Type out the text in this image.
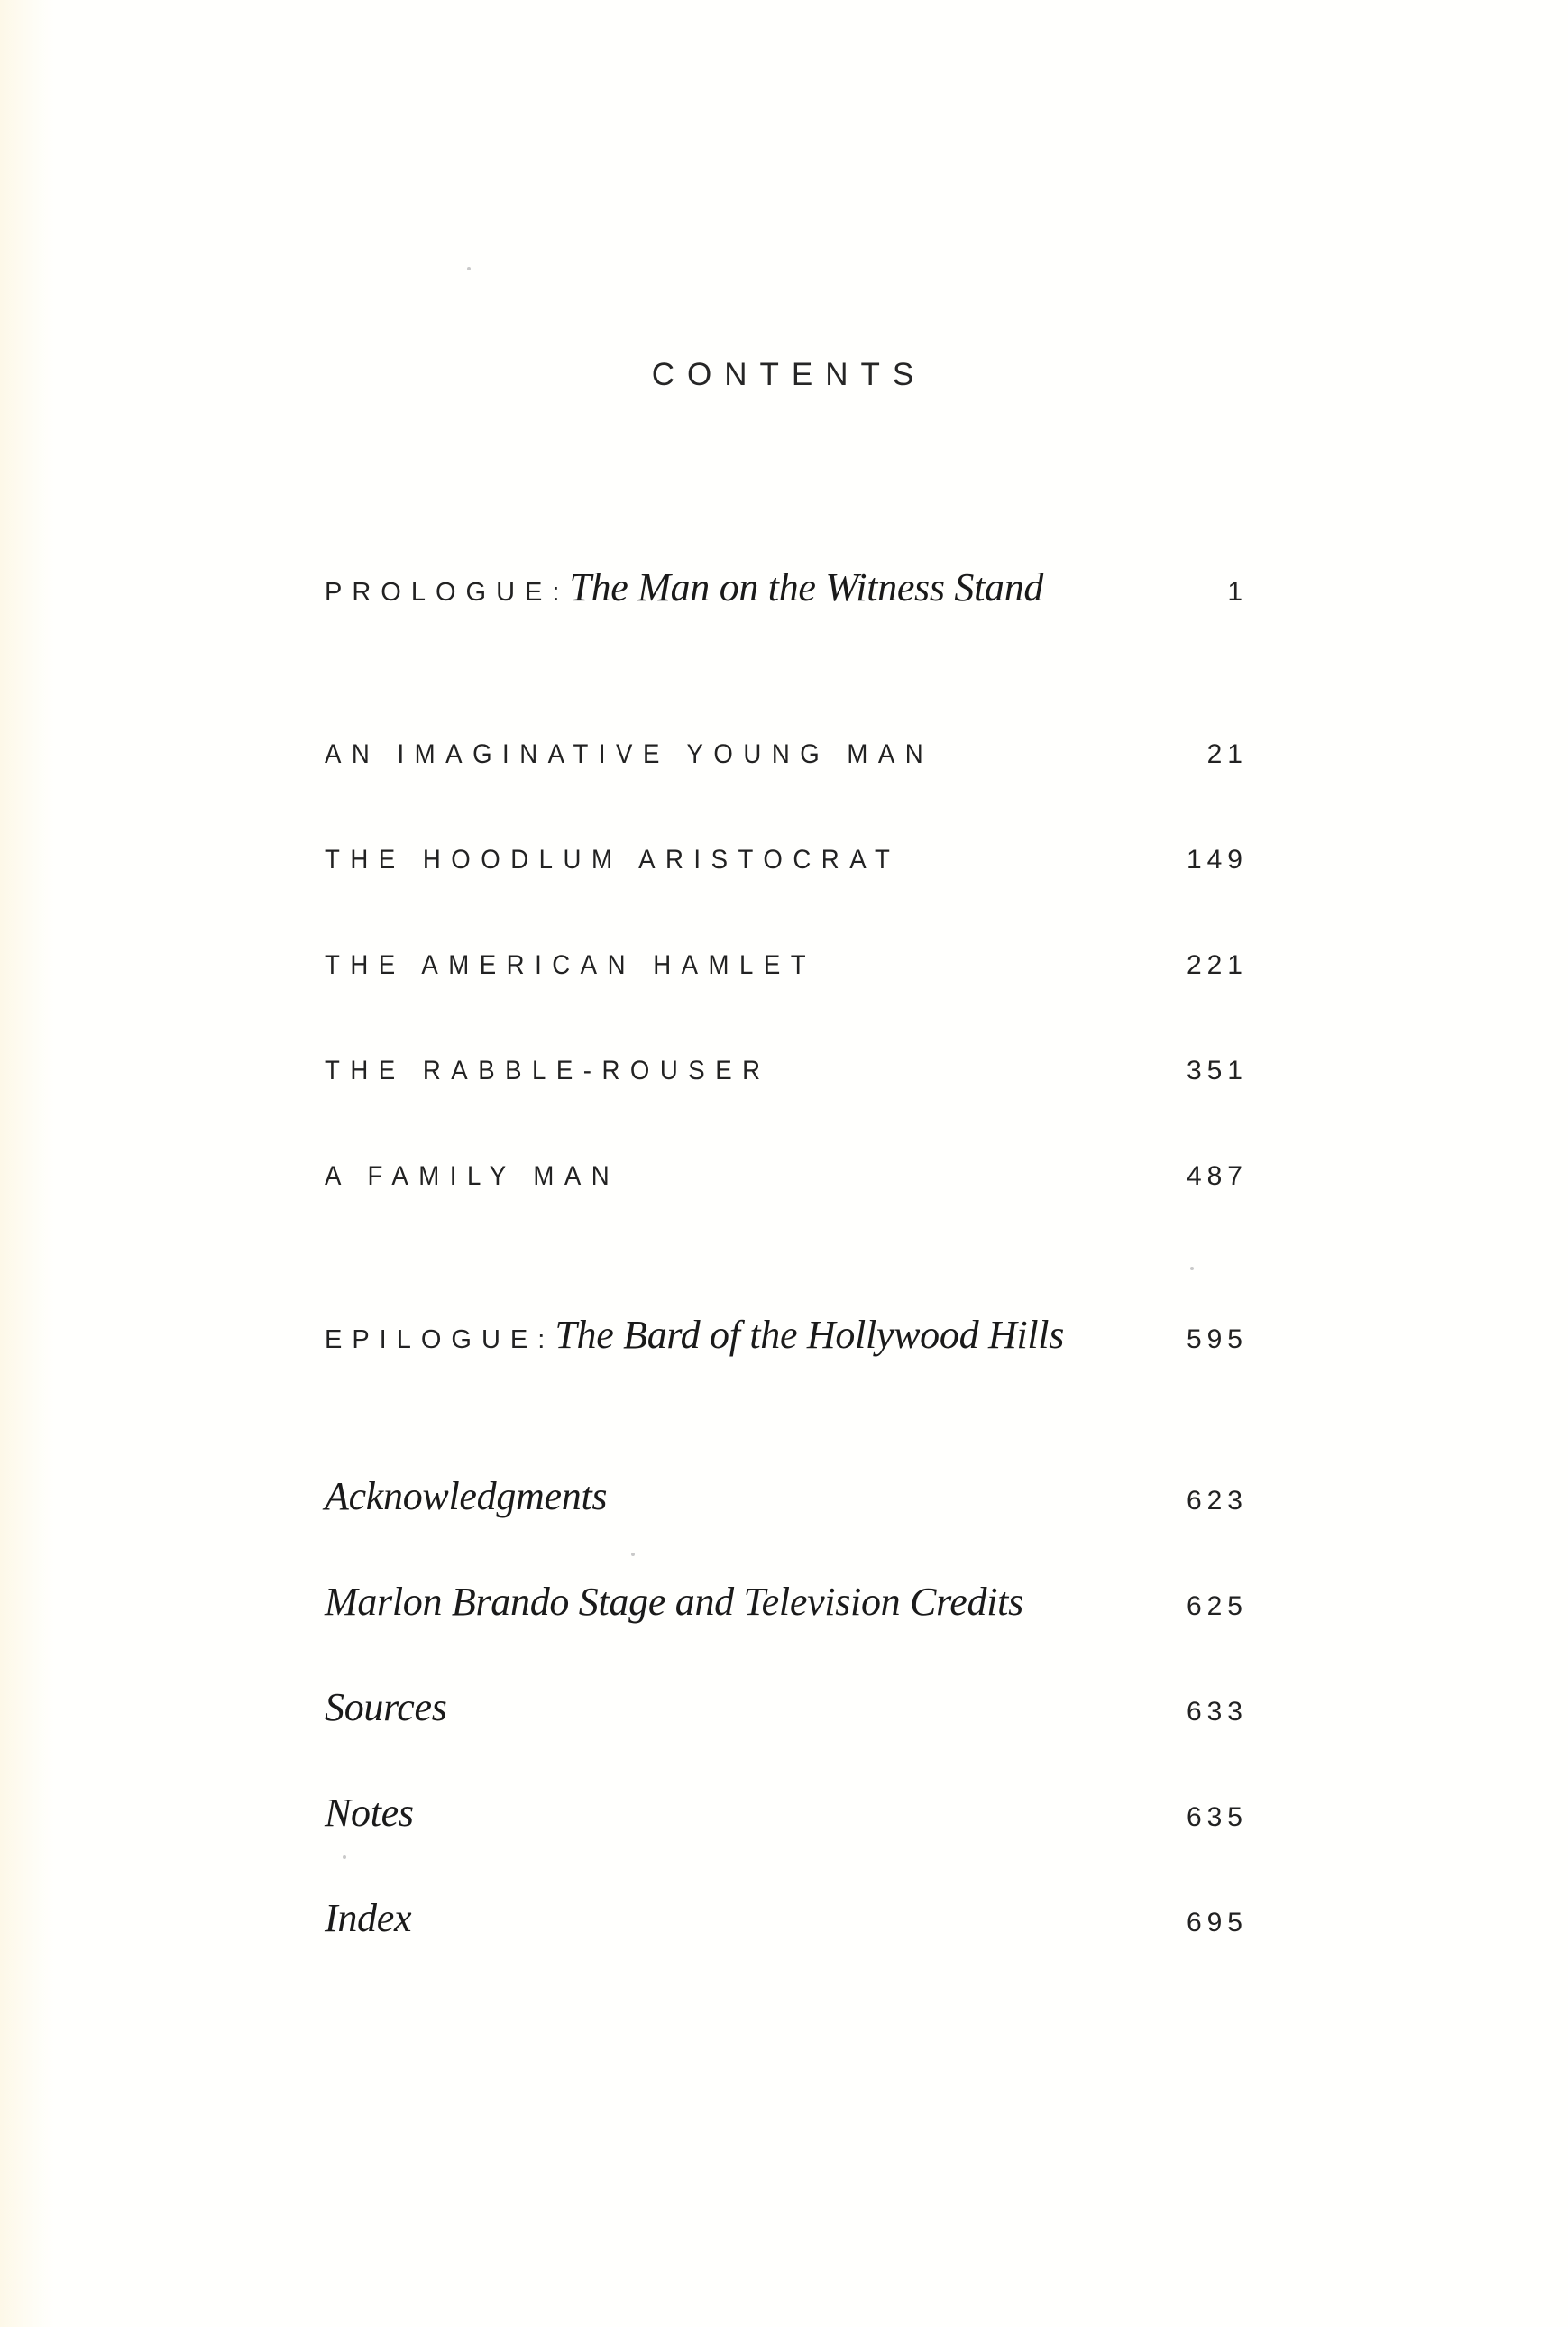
CONTENTS
PROLOGUE: The Man on the Witness Stand	1
AN IMAGINATIVE YOUNG MAN	21
THE HOODLUM ARISTOCRAT	149
THE AMERICAN HAMLET	221
THE RABBLE-ROUSER	351
A FAMILY MAN	487
EPILOGUE: The Bard of the Hollywood Hills	595
Acknowledgments	623
Marlon Brando Stage and Television Credits	625
Sources	633
Notes	635
Index	695
